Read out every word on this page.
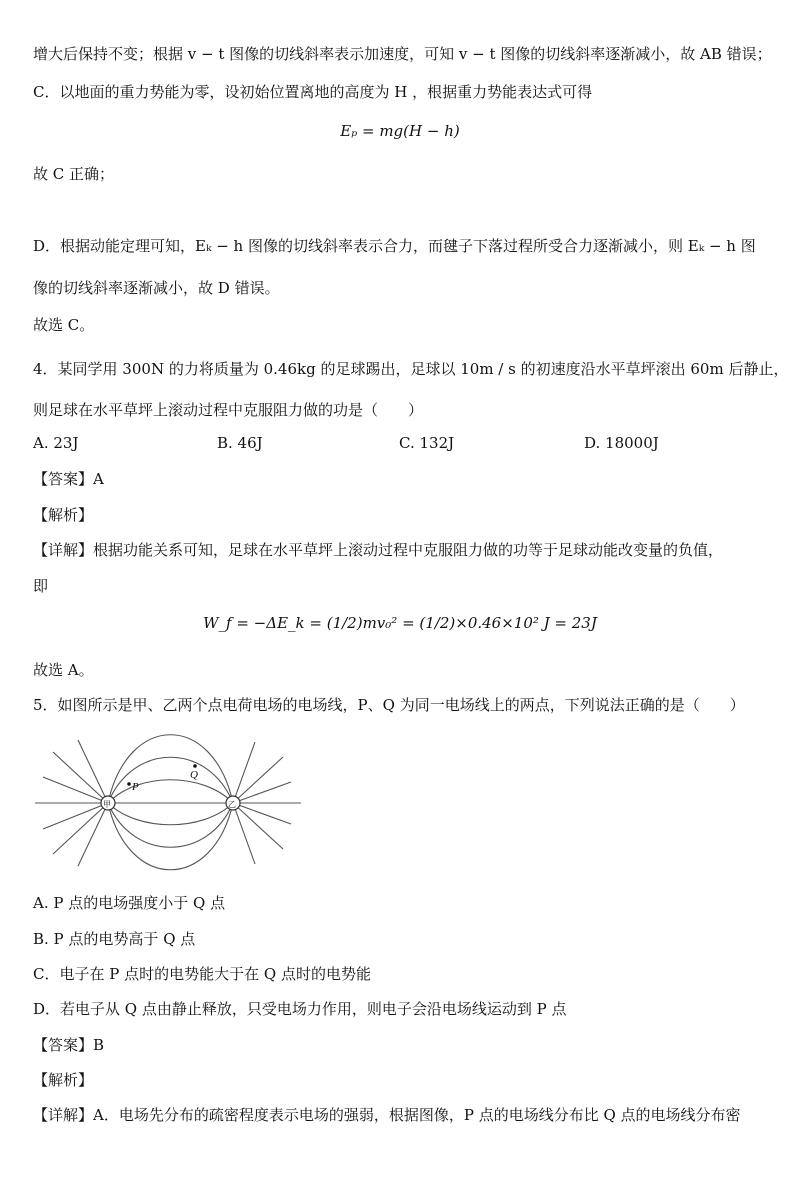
增大后保持不变；根据 v − t 图像的切线斜率表示加速度，可知 v − t 图像的切线斜率逐渐减小，故 AB 错误；
C．以地面的重力势能为零，设初始位置离地的高度为 H ，根据重力势能表达式可得
Eₚ = mg(H − h)
故 C 正确；
D．根据动能定理可知，Eₖ − h 图像的切线斜率表示合力，而毽子下落过程所受合力逐渐减小，则 Eₖ − h 图
像的切线斜率逐渐减小，故 D 错误。
故选 C。
4．某同学用 300N 的力将质量为 0.46kg 的足球踢出，足球以 10m / s 的初速度沿水平草坪滚出 60m 后静止，
则足球在水平草坪上滚动过程中克服阻力做的功是（　　）
A. 23J	B. 46J	C. 132J	D. 18000J
【答案】A
【解析】
【详解】根据功能关系可知，足球在水平草坪上滚动过程中克服阻力做的功等于足球动能改变量的负值，
即
W_f = −ΔE_k = (1/2)mv₀² = (1/2)×0.46×10² J = 23J
故选 A。
5．如图所示是甲、乙两个点电荷电场的电场线，P、Q 为同一电场线上的两点，下列说法正确的是（　　）
P
Q
甲	乙
A. P 点的电场强度小于 Q 点
B. P 点的电势高于 Q 点
C．电子在 P 点时的电势能大于在 Q 点时的电势能
D．若电子从 Q 点由静止释放，只受电场力作用，则电子会沿电场线运动到 P 点
【答案】B
【解析】
【详解】A．电场先分布的疏密程度表示电场的强弱，根据图像，P 点的电场线分布比 Q 点的电场线分布密
